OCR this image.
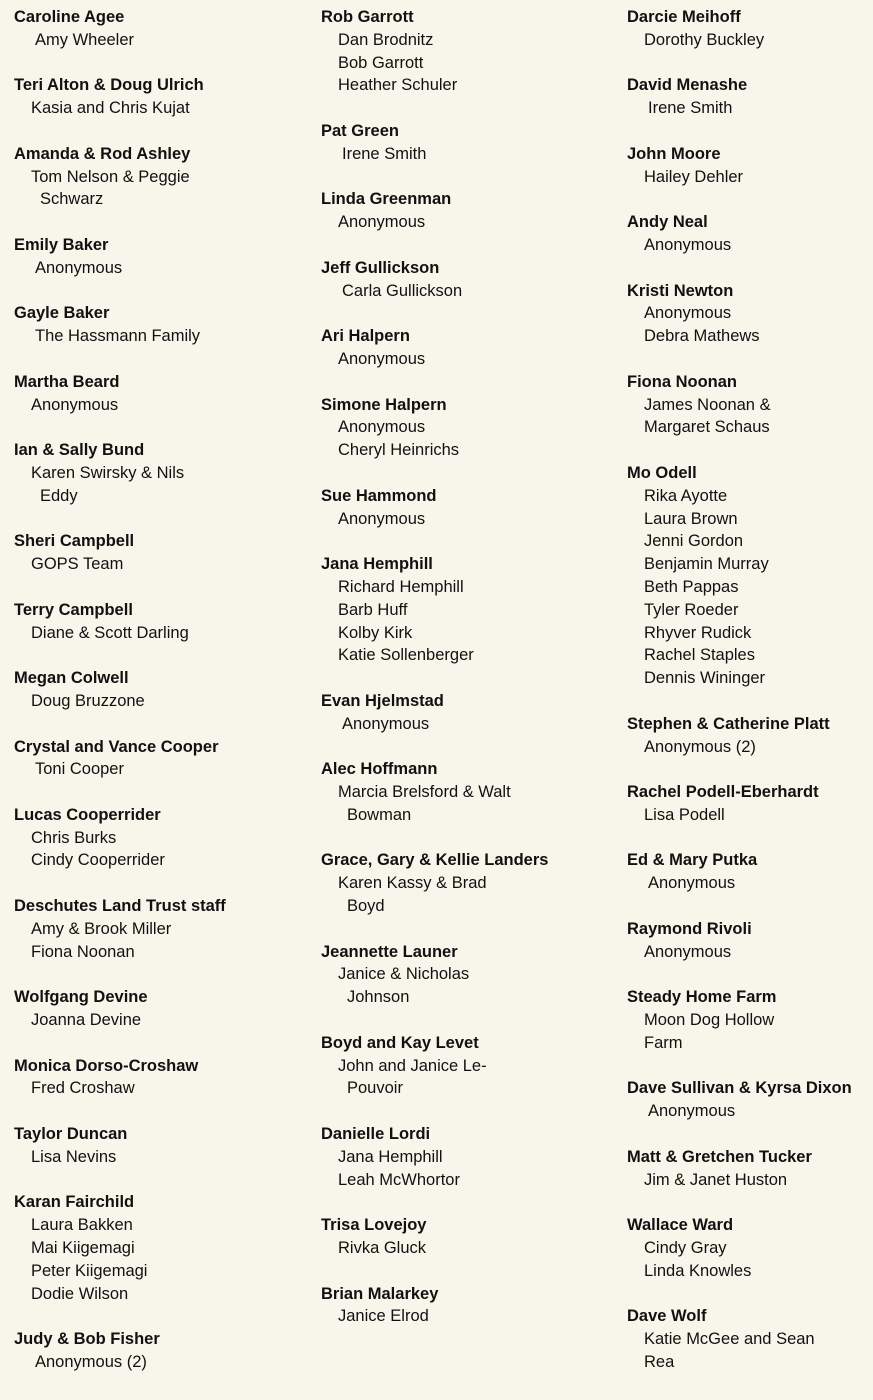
Caroline Agee
Amy Wheeler
Teri Alton & Doug Ulrich
Kasia and Chris Kujat
Amanda & Rod Ashley
Tom Nelson & Peggie
Schwarz
Emily Baker
Anonymous
Gayle Baker
The Hassmann Family
Martha Beard
Anonymous
Ian & Sally Bund
Karen Swirsky & Nils
Eddy
Sheri Campbell
GOPS Team
Terry Campbell
Diane & Scott Darling
Megan Colwell
Doug Bruzzone
Crystal and Vance Cooper
Toni Cooper
Lucas Cooperrider
Chris Burks
Cindy Cooperrider
Deschutes Land Trust staff
Amy & Brook Miller
Fiona Noonan
Wolfgang Devine
Joanna Devine
Monica Dorso-Croshaw
Fred Croshaw
Taylor Duncan
Lisa Nevins
Karan Fairchild
Laura Bakken
Mai Kiigemagi
Peter Kiigemagi
Dodie Wilson
Judy & Bob Fisher
Anonymous (2)
Rob Garrott
Dan Brodnitz
Bob Garrott
Heather Schuler
Pat Green
Irene Smith
Linda Greenman
Anonymous
Jeff Gullickson
Carla Gullickson
Ari Halpern
Anonymous
Simone Halpern
Anonymous
Cheryl Heinrichs
Sue Hammond
Anonymous
Jana Hemphill
Richard Hemphill
Barb Huff
Kolby Kirk
Katie Sollenberger
Evan Hjelmstad
Anonymous
Alec Hoffmann
Marcia Brelsford & Walt
Bowman
Grace, Gary & Kellie Landers
Karen Kassy & Brad
Boyd
Jeannette Launer
Janice & Nicholas
Johnson
Boyd and Kay Levet
John and Janice Le-
Pouvoir
Danielle Lordi
Jana Hemphill
Leah McWhortor
Trisa Lovejoy
Rivka Gluck
Brian Malarkey
Janice Elrod
Darcie Meihoff
Dorothy Buckley
David Menashe
Irene Smith
John Moore
Hailey Dehler
Andy Neal
Anonymous
Kristi Newton
Anonymous
Debra Mathews
Fiona Noonan
James Noonan &
Margaret Schaus
Mo Odell
Rika Ayotte
Laura Brown
Jenni Gordon
Benjamin Murray
Beth Pappas
Tyler Roeder
Rhyver Rudick
Rachel Staples
Dennis Wininger
Stephen & Catherine Platt
Anonymous (2)
Rachel Podell-Eberhardt
Lisa Podell
Ed & Mary Putka
Anonymous
Raymond Rivoli
Anonymous
Steady Home Farm
Moon Dog Hollow
Farm
Dave Sullivan & Kyrsa Dixon
Anonymous
Matt & Gretchen Tucker
Jim & Janet Huston
Wallace Ward
Cindy Gray
Linda Knowles
Dave Wolf
Katie McGee and Sean
Rea
